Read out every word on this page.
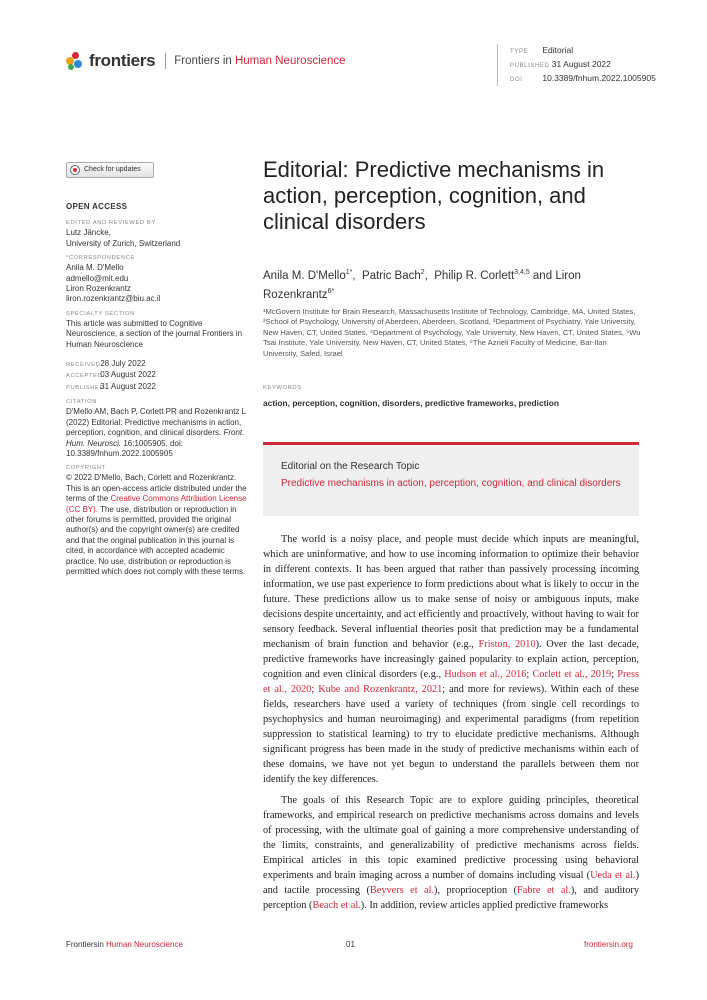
frontiers Frontiers in Human Neuroscience
TYPE Editorial
PUBLISHED 31 August 2022
DOI 10.3389/fnhum.2022.1005905
Check for updates
OPEN ACCESS
EDITED AND REVIEWED BY
Lutz Jäncke,
University of Zurich, Switzerland
*CORRESPONDENCE
Anila M. D'Mello
admello@mit.edu
Liron Rozenkrantz
liron.rozenkrantz@biu.ac.il
SPECIALTY SECTION
This article was submitted to Cognitive Neuroscience, a section of the journal Frontiers in Human Neuroscience
RECEIVED 28 July 2022
ACCEPTED 03 August 2022
PUBLISHED 31 August 2022
CITATION
D'Mello AM, Bach P, Corlett PR and Rozenkrantz L (2022) Editorial: Predictive mechanisms in action, perception, cognition, and clinical disorders. Front. Hum. Neurosci. 16:1005905. doi: 10.3389/fnhum.2022.1005905
COPYRIGHT
© 2022 D'Mello, Bach, Corlett and Rozenkrantz. This is an open-access article distributed under the terms of the Creative Commons Attribution License (CC BY). The use, distribution or reproduction in other forums is permitted, provided the original author(s) and the copyright owner(s) are credited and that the original publication in this journal is cited, in accordance with accepted academic practice. No use, distribution or reproduction is permitted which does not comply with these terms.
Editorial: Predictive mechanisms in action, perception, cognition, and clinical disorders
Anila M. D'Mello$^{1*}$,  Patric Bach$^2$,  Philip R. Corlett$^{3,4,5}$ and Liron Rozenkrantz$^{6*}$
¹McGovern Institute for Brain Research, Massachusetts Institute of Technology, Cambridge, MA, United States, ²School of Psychology, University of Aberdeen, Aberdeen, Scotland, ³Department of Psychiatry, Yale University, New Haven, CT, United States, ⁴Department of Psychology, Yale University, New Haven, CT, United States, ⁵Wu Tsai Institute, Yale University, New Haven, CT, United States, ⁶The Azrieli Faculty of Medicine, Bar-Ilan University, Safed, Israel
KEYWORDS
action, perception, cognition, disorders, predictive frameworks, prediction
Editorial on the Research Topic
Predictive mechanisms in action, perception, cognition, and clinical disorders

The world is a noisy place, and people must decide which inputs are meaningful, which are uninformative, and how to use incoming information to optimize their behavior in different contexts. It has been argued that rather than passively processing incoming information, we use past experience to form predictions about what is likely to occur in the future. These predictions allow us to make sense of noisy or ambiguous inputs, make decisions despite uncertainty, and act efficiently and proactively, without having to wait for sensory feedback. Several influential theories posit that prediction may be a fundamental mechanism of brain function and behavior (e.g., Friston, 2010). Over the last decade, predictive frameworks have increasingly gained popularity to explain action, perception, cognition and even clinical disorders (e.g., Hudson et al., 2016; Corlett et al., 2019; Press et al., 2020; Kube and Rozenkrantz, 2021; and more for reviews). Within each of these fields, researchers have used a variety of techniques (from single cell recordings to psychophysics and human neuroimaging) and experimental paradigms (from repetition suppression to statistical learning) to try to elucidate predictive mechanisms. Although significant progress has been made in the study of predictive mechanisms within each of these domains, we have not yet begun to understand the parallels between them nor identify the key differences.

The goals of this Research Topic are to explore guiding principles, theoretical frameworks, and empirical research on predictive mechanisms across domains and levels of processing, with the ultimate goal of gaining a more comprehensive understanding of the limits, constraints, and generalizability of predictive mechanisms across fields. Empirical articles in this topic examined predictive processing using behavioral experiments and brain imaging across a number of domains including visual (Ueda et al.) and tactile processing (Beyvers et al.), proprioception (Fabre et al.), and auditory perception (Beach et al.). In addition, review articles applied predictive frameworks

Frontiersin Human Neuroscience	01	frontiersin.org
